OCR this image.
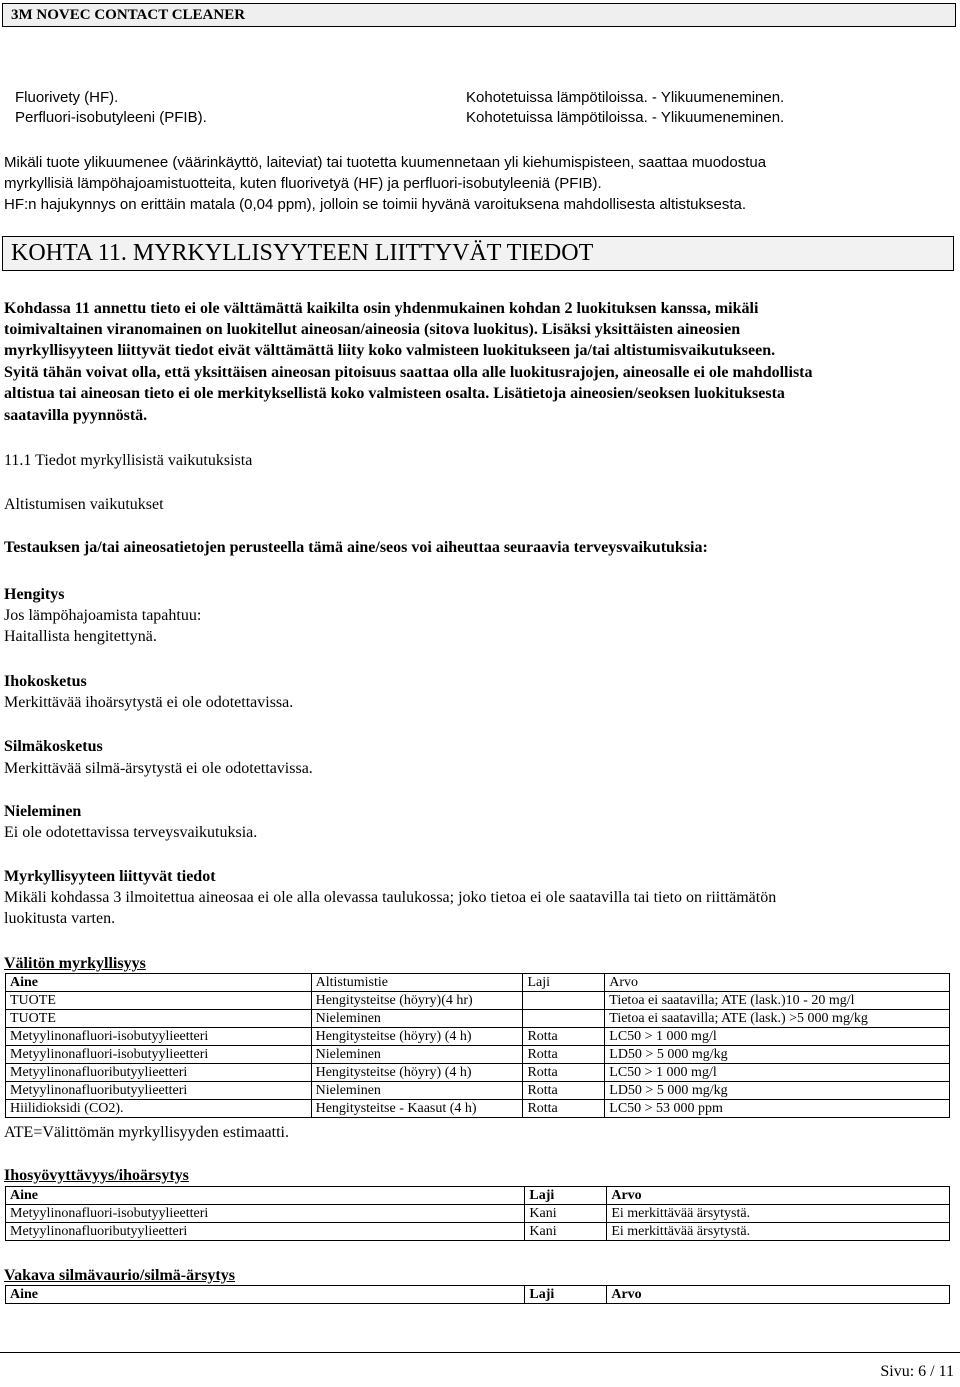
3M NOVEC CONTACT CLEANER
Fluorivety (HF).	Kohotetuissa lämpötiloissa. - Ylikuumeneminen.
Perfluori-isobutyleeni (PFIB).	Kohotetuissa lämpötiloissa. - Ylikuumeneminen.
Mikäli tuote ylikuumenee (väärinkäyttö, laiteviat) tai tuotetta kuumennetaan yli kiehumispisteen, saattaa muodostua
myrkyllisiä lämpöhajoamistuotteita, kuten fluorivetyä (HF) ja perfluori-isobutyleeniä (PFIB).
HF:n hajukynnys on erittäin matala (0,04 ppm), jolloin se toimii hyvänä varoituksena mahdollisesta altistuksesta.
KOHTA 11. MYRKYLLISYYTEEN LIITTYVÄT TIEDOT
Kohdassa 11 annettu tieto ei ole välttämättä kaikilta osin yhdenmukainen kohdan 2 luokituksen kanssa, mikäli
toimivaltainen viranomainen on luokitellut aineosan/aineosia (sitova luokitus). Lisäksi yksittäisten aineosien
myrkyllisyyteen liittyvät tiedot eivät välttämättä liity koko valmisteen luokitukseen ja/tai altistumisvaikutukseen.
Syitä tähän voivat olla, että yksittäisen aineosan pitoisuus saattaa olla alle luokitusrajojen, aineosalle ei ole mahdollista
altistua tai aineosan tieto ei ole merkityksellistä koko valmisteen osalta. Lisätietoja aineosien/seoksen luokituksesta
saatavilla pyynnöstä.
11.1 Tiedot myrkyllisistä vaikutuksista
Altistumisen vaikutukset
Testauksen ja/tai aineosatietojen perusteella tämä aine/seos voi aiheuttaa seuraavia terveysvaikutuksia:
Hengitys
Jos lämpöhajoamista tapahtuu:
Haitallista hengitettynä.
Ihokosketus
Merkittävää ihoärsytystä ei ole odotettavissa.
Silmäkosketus
Merkittävää silmä-ärsytystä ei ole odotettavissa.
Nieleminen
Ei ole odotettavissa terveysvaikutuksia.
Myrkyllisyyteen liittyvät tiedot
Mikäli kohdassa 3 ilmoitettua aineosaa ei ole alla olevassa taulukossa; joko tietoa ei ole saatavilla tai tieto on riittämätön
luokitusta varten.
Välitön myrkyllisyys
Aine	Altistumistie	Laji	Arvo
TUOTE	Hengitysteitse (höyry)(4 hr)		Tietoa ei saatavilla; ATE (lask.)10 - 20 mg/l
TUOTE	Nieleminen		Tietoa ei saatavilla; ATE (lask.) >5 000 mg/kg
Metyylinonafluori-isobutyylieetteri	Hengitysteitse (höyry) (4 h)	Rotta	LC50 > 1 000 mg/l
Metyylinonafluori-isobutyylieetteri	Nieleminen	Rotta	LD50 > 5 000 mg/kg
Metyylinonafluoributyylieetteri	Hengitysteitse (höyry) (4 h)	Rotta	LC50 > 1 000 mg/l
Metyylinonafluoributyylieetteri	Nieleminen	Rotta	LD50 > 5 000 mg/kg
Hiilidioksidi (CO2).	Hengitysteitse - Kaasut (4 h)	Rotta	LC50 > 53 000 ppm
ATE=Välittömän myrkyllisyyden estimaatti.
Ihosyövyttävyys/ihoärsytys
Aine	Laji	Arvo
Metyylinonafluori-isobutyylieetteri	Kani	Ei merkittävää ärsytystä.
Metyylinonafluoributyylieetteri	Kani	Ei merkittävää ärsytystä.
Vakava silmävaurio/silmä-ärsytys
Aine	Laji	Arvo
Sivu: 6 / 11
